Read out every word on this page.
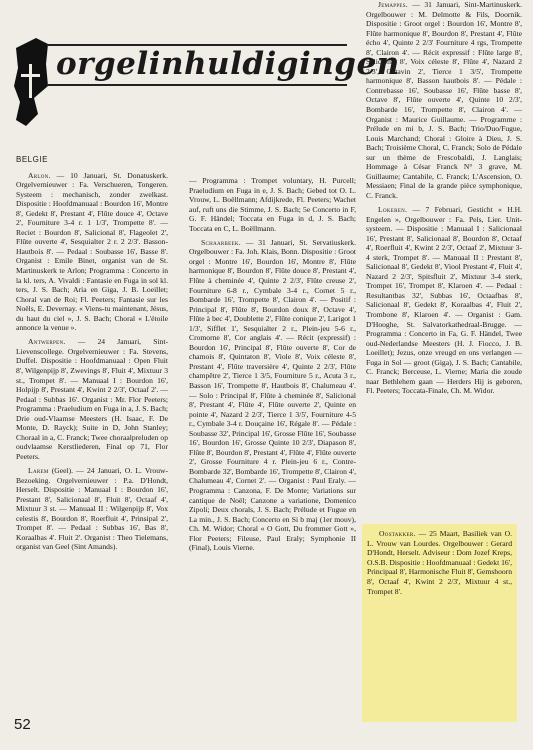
orgelinhuldigingen
BELGIE

Arlon. — 10 Januari, St. Donatuskerk. Orgelvernieuwer : Fa. Verschueren, Tongeren. Systeem : mechanisch, zonder zwelkast. Dispositie : Hoofdmanuaal : Bourdon 16', Montre 8', Gedekt 8', Prestant 4', Flûte douce 4', Octave 2', Fourniture 3-4 r. 1 1/3', Trompette 8'. — Reciet : Bourdon 8', Salicional 8', Flageolet 2', Flûte ouverte 4', Sesquialter 2 r. 2 2/3'. Basson-Hautbois 8'. — Pedaal : Soubasse 16', Basse 8'. Organist : Emile Binet, organist van de St. Martinuskerk te Arlon; Programma : Concerto in la kl. ters, A. Vivaldi : Fantasie en Fuga in sol kl. ters, J. S. Bach; Aria en Giga, J. B. Loeillet; Choral van de Roi; Fl. Peeters; Fantasie sur les Noëls, E. Devernay. « Viens-tu maintenant, Jésus, du haut du ciel », J. S. Bach; Choral « L'étoile annonce la venue ».

Antwerpen. — 24 Januari, Sint-Lievenscollege. Orgelvernieuwer : Fa. Stevens, Duffel. Dispositie : Hoofdmanuaal : Open Fluit 8', Wilgenpijp 8', Zwevings 8', Fluit 4', Mixtuur 3 st., Trompet 8'. — Manuaal I : Bourdon 16', Holpijp 8', Prestant 4', Kwint 2 2/3', Octaaf 2'. — Pedaal : Subbas 16'. Organist : Mr. Flor Peeters; Programma : Praeludium en Fuga in a, J. S. Bach; Drie oud-Vlaamse Meesters (H. Isaac, F. De Monte, D. Rayck); Suite in D, John Stanley; Choraal in a, C. Franck; Twee choraalpreluden op oudvlaamse Kerstliederen, Final op 71, Flor Peeters.

Larem (Geel). — 24 Januari, O. L. Vrouw-Bezoeking. Orgelvernieuwer : P.a. D'Hondt, Herselt. Dispositie : Manuaal I : Bourdon 16', Prestant 8', Salicionaal 8', Fluit 8', Octaaf 4', Mixtuur 3 st. — Manuaal II : Wilgenpijp 8', Vox celestis 8', Bourdon 8', Roerfluit 4', Prinsipal 2', Trompet 8'. — Pedaal : Subbas 16', Bas 8', Koraalbas 4'. Fluit 2'. Organist : Theo Tielemans, organist van Geel (Sint Amands).

— Programma : Trompet voluntary, H. Purcell; Praeludium en Fuga in e, J. S. Bach; Gebed tot O. L. Vrouw, L. Boëllmann; Afdijkrede, Fl. Peeters; Wachet auf, ruft uns die Stimme, J. S. Bach; 5e Concerto in F, G. F. Händel; Toccata en Fuga in d, J. S. Bach; Toccata en C, L. Boëllmann.

Schaarbeek. — 31 Januari, St. Servatiuskerk. Orgelbouwer : Fa. Joh. Klais, Bonn. Dispositie : Groot orgel : Montre 16', Bourdon 16', Montre 8', Flûte harmonique 8', Bourdon 8', Flûte douce 8', Prestant 4', Flûte à cheminée 4', Quinte 2 2/3', Flûte creuse 2', Fourniture 6-8 r., Cymbale 3-4 r., Cornet 5 r., Bombarde 16', Trompette 8', Clairon 4'. — Positif : Principal 8', Flûte 8', Bourdon doux 8', Octave 4', Flûte à bec 4', Doublette 2', Flûte conique 2', Larigot 1 1/3', Sifflet 1', Sesquialter 2 r., Plein-jeu 5-6 r., Cromorne 8', Cor anglais 4'. — Récit (expressif) : Bourdon 16', Principal 8', Flûte ouverte 8', Cor de chamois 8', Quintaton 8', Viole 8', Voix céleste 8', Prestant 4', Flûte traversière 4', Quinte 2 2/3', Flûte champêtre 2', Tierce 1 3/5, Fourniture 5 r., Acuta 3 r., Basson 16', Trompette 8', Hautbois 8', Chalumeau 4'. — Solo : Principal 8', Flûte à cheminée 8', Salicional 8', Prestant 4', Flûte 4', Flûte ouverte 2', Quinte en pointe 4', Nazard 2 2/3', Tierce 1 3/5', Fourniture 4-5 r., Cymbale 3-4 r. Douçaine 16', Régale 8'. — Pédale : Soubasse 32', Principal 16', Grosse Flûte 16', Soubasse 16', Bourdon 16', Grosse Quinte 10 2/3', Diapason 8', Flûte 8', Bourdon 8', Prestant 4', Flûte 4', Flûte ouverte 2', Grosse Fourniture 4 r. Plein-jeu 6 r., Contre-Bombarde 32', Bombarde 16', Trompette 8', Clairon 4', Chalumeau 4', Cornet 2'. — Organist : Paul Eraly. — Programma : Canzona, F. De Monte; Variations sur cantique de Noël; Canzone a variatione, Domenico Zipoli; Deux chorals, J. S. Bach; Prélude et Fugue en La min., J. S. Bach; Concerto en Si b maj (1er mouv), Ch. M. Widor; Choral « O Gott, Du frommer Gott », Flor Peeters; Fileuse, Paul Eraly; Symphonie II (Final), Louis Vierne.

Jemappes. — 31 Januari, Sint-Martinuskerk. Orgelbouwer : M. Delmotte & Fils, Doornik. Dispositie : Groot orgel : Bourdon 16', Montre 8', Flûte harmonique 8', Bourdon 8', Prestant 4', Flûte écho 4', Quinte 2 2/3' Fourniture 4 rgs, Trompette 8', Clairon 4'. — Récit expressif : Flûte large 8', Salicional 8', Voix céleste 8', Flûte 4', Nazard 2 2/3', Octavin 2', Tierce 1 3/5', Trompette harmonique 8', Basson hautbois 8'. — Pédale : Contrebasse 16', Soubasse 16', Flûte basse 8', Octave 8', Flûte ouverte 4', Quinte 10 2/3', Bombarde 16', Trompette 8', Clairon 4'. — Organist : Maurice Guillaume. — Programme : Prélude en mi b, J. S. Bach; Trio/Duo/Fugue, Louis Marchand; Choral : Gloire à Dieu, J. S. Bach; Troisième Choral, C. Franck; Solo de Pédale sur un thème de Frescobaldi, J. Langlais; Hommage à César Franck N° 3 grave, M. Guillaume; Cantabile, C. Franck; L'Ascension, O. Messiaen; Final de la grande pièce symphonique, C. Franck.

Lokeren. — 7 Februari, Gesticht « H.H. Engelen », Orgelbouwer : Fa. Pels, Lier. Unit-systeem. — Dispositie : Manuaal I : Salicionaal 16', Prestant 8', Salicionaal 8', Bourdon 8', Octaaf 4', Roerfluit 4', Kwint 2 2/3', Octaaf 2', Mixtuur 3-4 sterk, Trompet 8'. — Manuaal II : Prestant 8', Salicionaal 8', Gedekt 8', Viool Prestant 4', Fluit 4', Nazard 2 2/3', Spitsfluit 2', Mixtuur 3-4 sterk, Trompet 16', Trompet 8', Klaroen 4'. — Pedaal : Resultantbas 32', Subbas 16', Octaafbas 8', Salicionaal 8', Gedekt 8', Koraalbas 4', Fluit 2', Trombone 8', Klaroen 4'. — Organist : Gam. D'Hooghe, St. Salvatorkathedraal-Brugge. — Programma : Concerto in Fa, G. F. Händel, Twee oud-Nederlandse Meesters (H. J. Fiocco, J. B. Loeillet); Jezus, onze vreugd en ons verlangen — Fuga in Sol — groot (Giga), J. S. Bach; Cantabile, C. Franck; Berceuse, L. Vierne; Maria die zoude naar Bethlehem gaan — Herders Hij is geboren, Fl. Peeters; Toccata-Finale, Ch. M. Widor.

Oostakker. — 25 Maart, Basiliek van O. L. Vrouw van Lourdes. Orgelbouwer : Gerard D'Hondt, Herselt. Adviseur : Dom Jozef Kreps, O.S.B. Dispositie : Hoofdmanuaal : Gedekt 16', Principaal 8', Harmonische Fluit 8', Gemshoorn 8', Octaaf 4', Kwint 2 2/3', Mixtuur 4 st., Trompet 8'.

52
